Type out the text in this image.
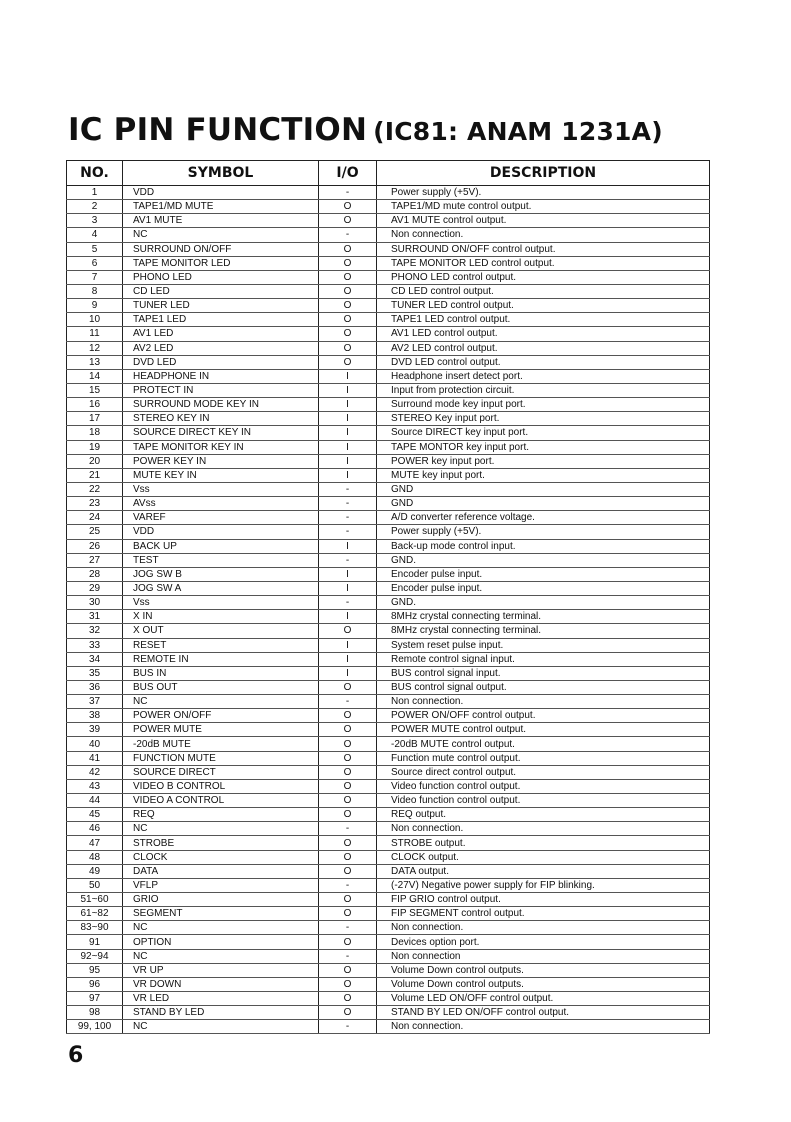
IC PIN FUNCTION (IC81: ANAM 1231A)
NO.	SYMBOL	I/O	DESCRIPTION
1	VDD	-	Power supply (+5V).
2	TAPE1/MD MUTE	O	TAPE1/MD mute control output.
3	AV1 MUTE	O	AV1 MUTE control output.
4	NC	-	Non connection.
5	SURROUND ON/OFF	O	SURROUND ON/OFF control output.
6	TAPE MONITOR LED	O	TAPE MONITOR LED control output.
7	PHONO LED	O	PHONO LED control output.
8	CD LED	O	CD LED control output.
9	TUNER LED	O	TUNER LED control output.
10	TAPE1 LED	O	TAPE1 LED control output.
11	AV1 LED	O	AV1 LED control output.
12	AV2 LED	O	AV2 LED control output.
13	DVD LED	O	DVD LED control output.
14	HEADPHONE IN	I	Headphone insert detect port.
15	PROTECT IN	I	Input from protection circuit.
16	SURROUND MODE KEY IN	I	Surround mode key input port.
17	STEREO KEY IN	I	STEREO Key input port.
18	SOURCE DIRECT KEY IN	I	Source DIRECT key input port.
19	TAPE MONITOR KEY IN	I	TAPE MONTOR key input port.
20	POWER KEY IN	I	POWER key input port.
21	MUTE KEY IN	I	MUTE key input port.
22	Vss	-	GND
23	AVss	-	GND
24	VAREF	-	A/D converter reference voltage.
25	VDD	-	Power supply (+5V).
26	BACK UP	I	Back-up mode control input.
27	TEST	-	GND.
28	JOG SW B	I	Encoder pulse input.
29	JOG SW A	I	Encoder pulse input.
30	Vss	-	GND.
31	X IN	I	8MHz crystal connecting terminal.
32	X OUT	O	8MHz crystal connecting terminal.
33	RESET	I	System reset pulse input.
34	REMOTE IN	I	Remote control signal input.
35	BUS IN	I	BUS control signal input.
36	BUS OUT	O	BUS control signal output.
37	NC	-	Non connection.
38	POWER ON/OFF	O	POWER ON/OFF control output.
39	POWER MUTE	O	POWER MUTE control output.
40	-20dB MUTE	O	-20dB MUTE control output.
41	FUNCTION MUTE	O	Function mute control output.
42	SOURCE DIRECT	O	Source direct control output.
43	VIDEO B CONTROL	O	Video function control output.
44	VIDEO A CONTROL	O	Video function control output.
45	REQ	O	REQ output.
46	NC	-	Non connection.
47	STROBE	O	STROBE output.
48	CLOCK	O	CLOCK output.
49	DATA	O	DATA output.
50	VFLP	-	(-27V) Negative power supply for FIP blinking.
51~60	GRIO	O	FIP GRIO control output.
61~82	SEGMENT	O	FIP SEGMENT control output.
83~90	NC	-	Non connection.
91	OPTION	O	Devices option port.
92~94	NC	-	Non connection
95	VR UP	O	Volume Down control outputs.
96	VR DOWN	O	Volume Down control outputs.
97	VR LED	O	Volume LED ON/OFF control output.
98	STAND BY LED	O	STAND BY LED ON/OFF control output.
99, 100	NC	-	Non connection.
6
